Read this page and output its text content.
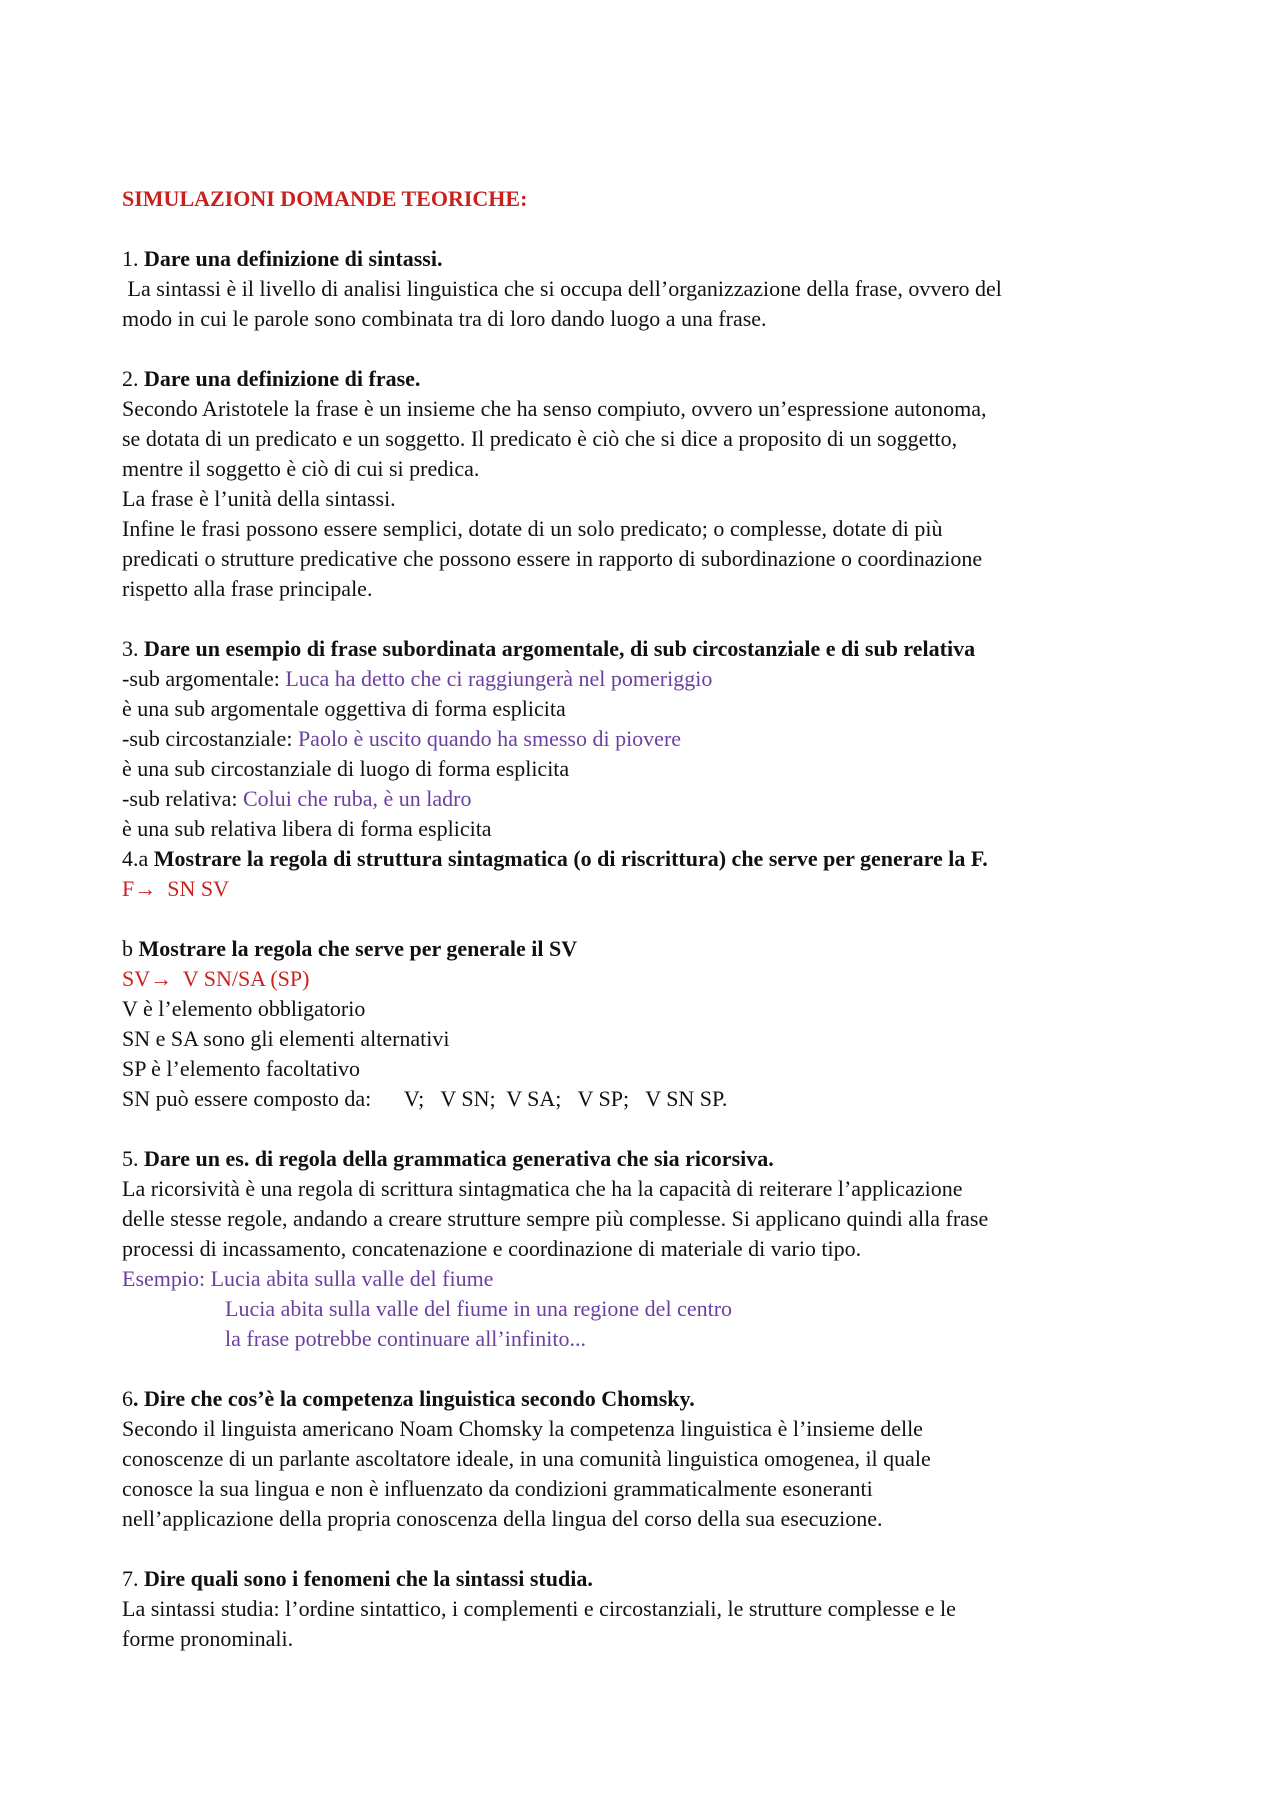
SIMULAZIONI DOMANDE TEORICHE:
1. Dare una definizione di sintassi.
La sintassi è il livello di analisi linguistica che si occupa dell’organizzazione della frase, ovvero del
modo in cui le parole sono combinata tra di loro dando luogo a una frase.
2. Dare una definizione di frase.
Secondo Aristotele la frase è un insieme che ha senso compiuto, ovvero un’espressione autonoma,
se dotata di un predicato e un soggetto. Il predicato è ciò che si dice a proposito di un soggetto,
mentre il soggetto è ciò di cui si predica.
La frase è l’unità della sintassi.
Infine le frasi possono essere semplici, dotate di un solo predicato; o complesse, dotate di più
predicati o strutture predicative che possono essere in rapporto di subordinazione o coordinazione
rispetto alla frase principale.
3. Dare un esempio di frase subordinata argomentale, di sub circostanziale e di sub relativa
-sub argomentale: Luca ha detto che ci raggiungerà nel pomeriggio
è una sub argomentale oggettiva di forma esplicita
-sub circostanziale: Paolo è uscito quando ha smesso di piovere
è una sub circostanziale di luogo di forma esplicita
-sub relativa: Colui che ruba, è un ladro
è una sub relativa libera di forma esplicita
4.a Mostrare la regola di struttura sintagmatica (o di riscrittura) che serve per generare la F.
F→  SN SV
b Mostrare la regola che serve per generale il SV
SV→  V SN/SA (SP)
V è l’elemento obbligatorio
SN e SA sono gli elementi alternativi
SP è l’elemento facoltativo
SN può essere composto da:      V;   V SN;  V SA;   V SP;   V SN SP.
5. Dare un es. di regola della grammatica generativa che sia ricorsiva.
La ricorsività è una regola di scrittura sintagmatica che ha la capacità di reiterare l’applicazione
delle stesse regole, andando a creare strutture sempre più complesse. Si applicano quindi alla frase
processi di incassamento, concatenazione e coordinazione di materiale di vario tipo.
Esempio: Lucia abita sulla valle del fiume
Lucia abita sulla valle del fiume in una regione del centro
la frase potrebbe continuare all’infinito...
6. Dire che cos’è la competenza linguistica secondo Chomsky.
Secondo il linguista americano Noam Chomsky la competenza linguistica è l’insieme delle
conoscenze di un parlante ascoltatore ideale, in una comunità linguistica omogenea, il quale
conosce la sua lingua e non è influenzato da condizioni grammaticalmente esoneranti
nell’applicazione della propria conoscenza della lingua del corso della sua esecuzione.
7. Dire quali sono i fenomeni che la sintassi studia.
La sintassi studia: l’ordine sintattico, i complementi e circostanziali, le strutture complesse e le
forme pronominali.
